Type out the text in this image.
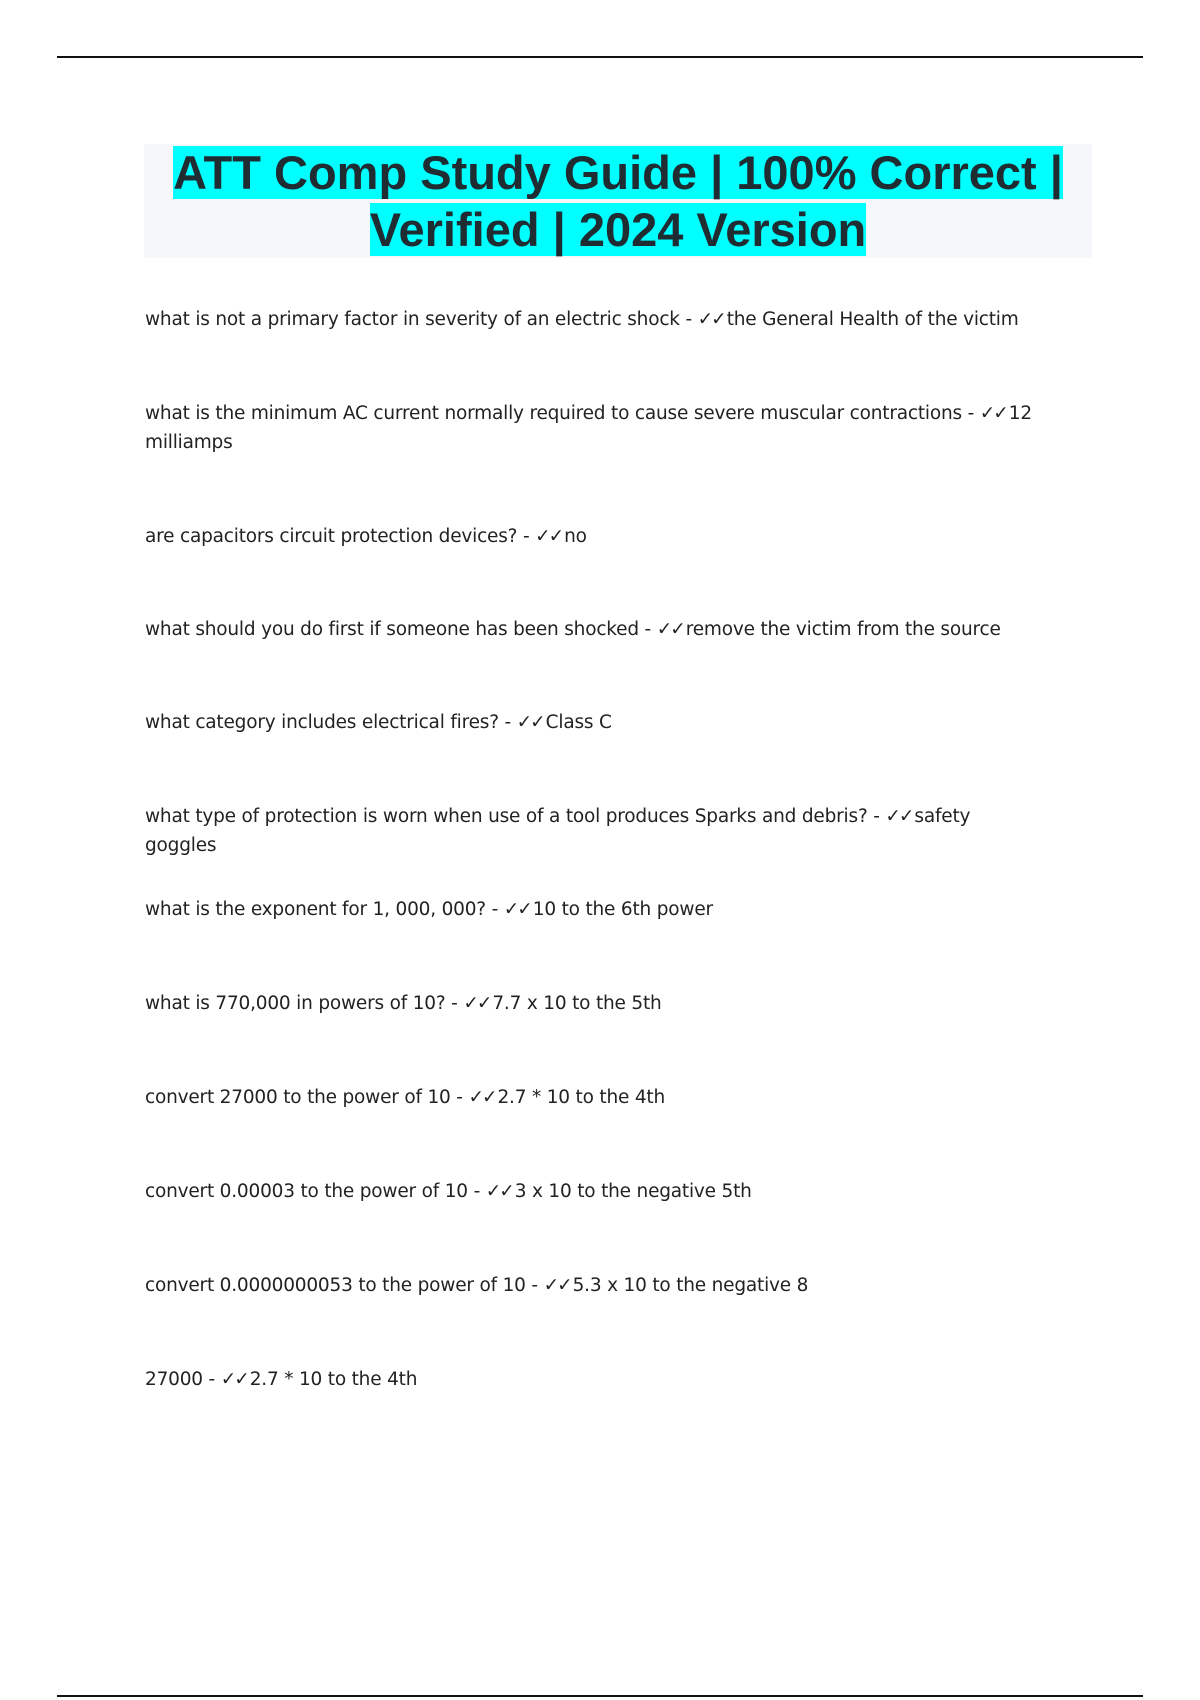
ATT Comp Study Guide | 100% Correct | Verified | 2024 Version
what is not a primary factor in severity of an electric shock - ✓✓ the General Health of the victim
what is the minimum AC current normally required to cause severe muscular contractions - ✓✓ 12 milliamps
are capacitors circuit protection devices? - ✓✓ no
what should you do first if someone has been shocked - ✓✓ remove the victim from the source
what category includes electrical fires? - ✓✓ Class C
what type of protection is worn when use of a tool produces Sparks and debris? - ✓✓ safety goggles
what is the exponent for 1, 000, 000? - ✓✓ 10 to the 6th power
what is 770,000 in powers of 10? - ✓✓ 7.7 x 10 to the 5th
convert 27000 to the power of 10 - ✓✓ 2.7 * 10 to the 4th
convert 0.00003 to the power of 10 - ✓✓ 3 x 10 to the negative 5th
convert 0.0000000053 to the power of 10 - ✓✓ 5.3 x 10 to the negative 8
27000 - ✓✓ 2.7 * 10 to the 4th
